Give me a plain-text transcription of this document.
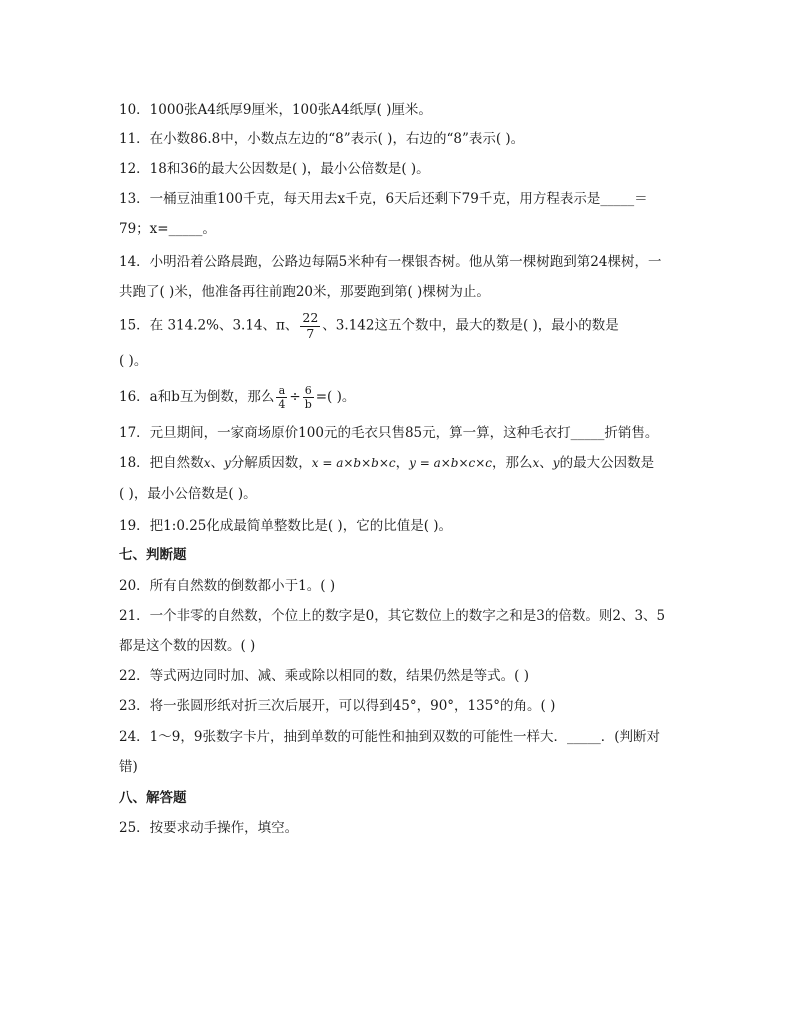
10．1000张A4纸厚9厘米，100张A4纸厚( )厘米。
11．在小数86.8中，小数点左边的“8”表示( )，右边的“8”表示( )。
12．18和36的最大公因数是( )，最小公倍数是( )。
13．一桶豆油重100千克，每天用去x千克，6天后还剩下79千克，用方程表示是_____＝
79；x=_____。
14．小明沿着公路晨跑，公路边每隔5米种有一棵银杏树。他从第一棵树跑到第24棵树，一
共跑了( )米，他准备再往前跑20米，那要跑到第( )棵树为止。
15．在 314.2%、3.14、π、 $\frac{22}{7}$ 、3.142这五个数中，最大的数是( )，最小的数是
( )。
16．a和b互为倒数，那么 $\frac{a}{4} \div \frac{6}{b}$ =( )。
17．元旦期间，一家商场原价100元的毛衣只售85元，算一算，这种毛衣打_____折销售。
18．把自然数x、y分解质因数，x = a×b×b×c，y = a×b×c×c，那么x、y的最大公因数是
( )，最小公倍数是( )。
19．把1:0.25化成最简单整数比是( )，它的比值是( )。
七、判断题
20．所有自然数的倒数都小于1。( )
21．一个非零的自然数，个位上的数字是0，其它数位上的数字之和是3的倍数。则2、3、5
都是这个数的因数。( )
22．等式两边同时加、减、乘或除以相同的数，结果仍然是等式。( )
23．将一张圆形纸对折三次后展开，可以得到45°，90°，135°的角。( )
24．1～9，9张数字卡片，抽到单数的可能性和抽到双数的可能性一样大．_____．(判断对
错)
八、解答题
25．按要求动手操作，填空。
